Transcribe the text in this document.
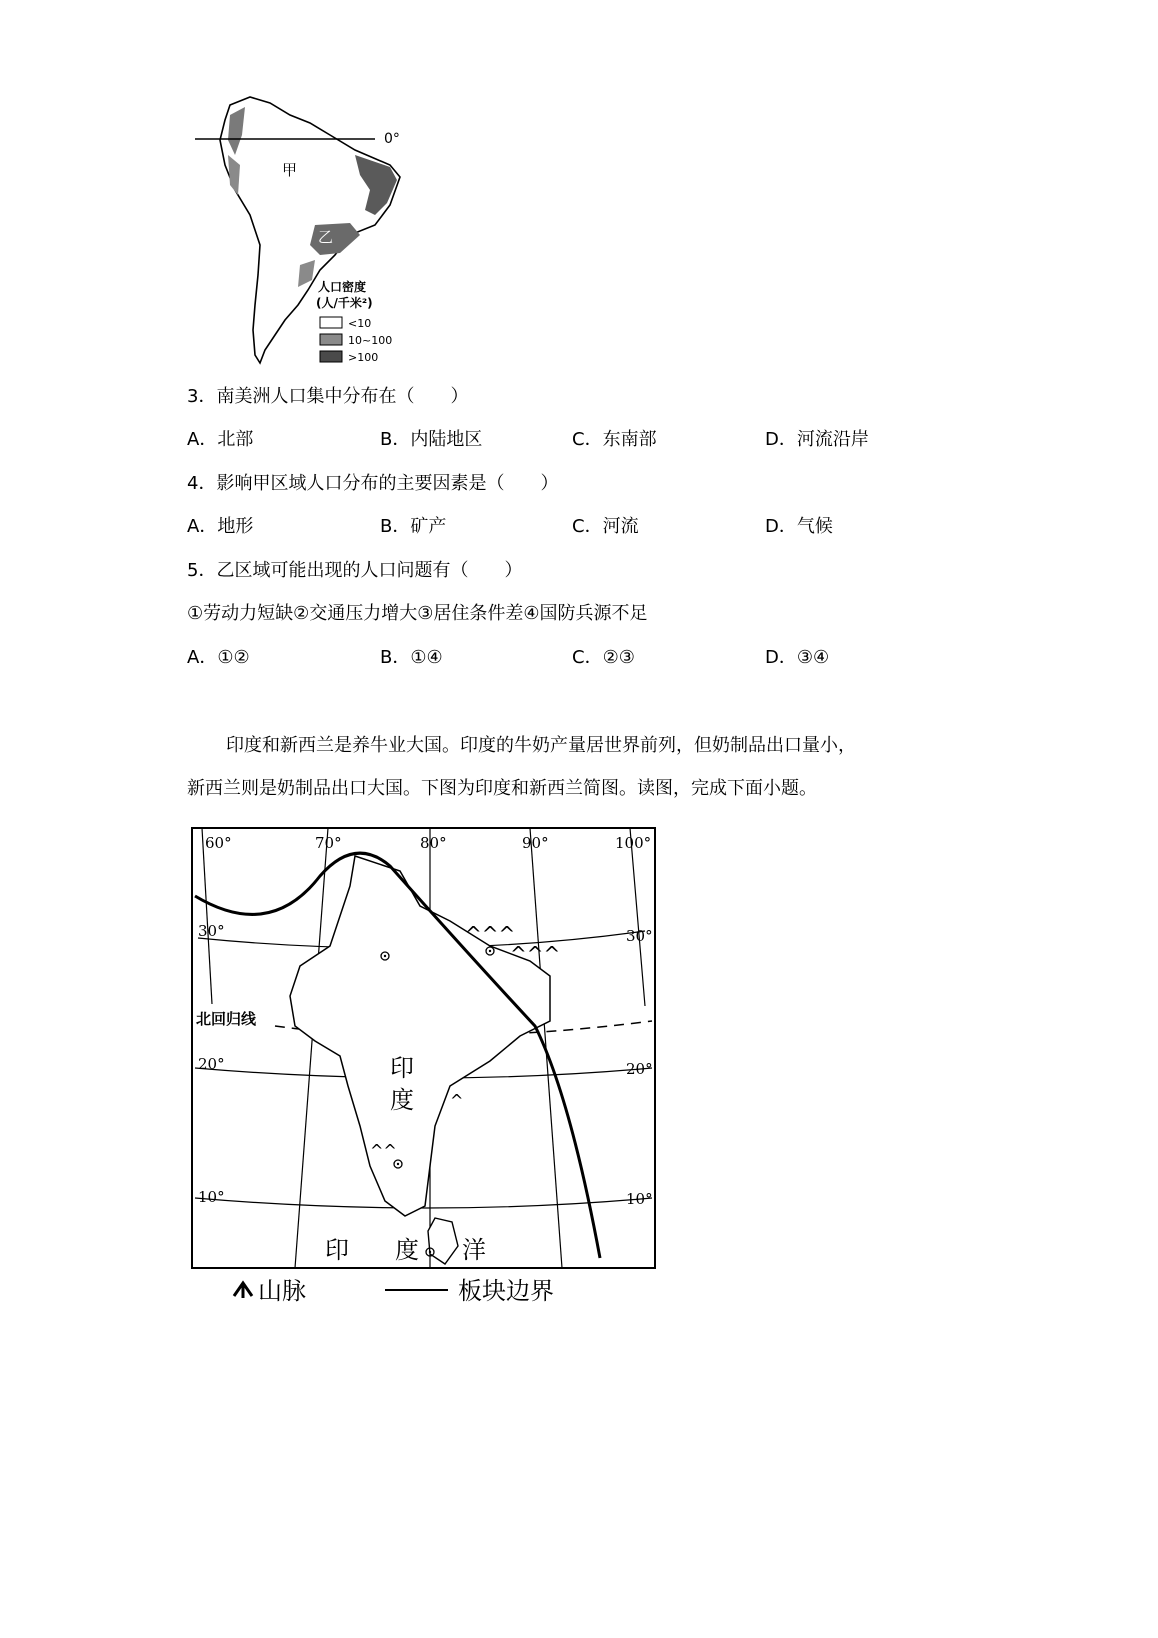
0°
甲
乙
人口密度
(人/千米²)
<10
10~100
>100
3．南美洲人口集中分布在（　　）
A．北部	B．内陆地区	C．东南部	D．河流沿岸
4．影响甲区域人口分布的主要因素是（　　）
A．地形	B．矿产	C．河流	D．气候
5．乙区域可能出现的人口问题有（　　）
①劳动力短缺②交通压力增大③居住条件差④国防兵源不足
A．①②	B．①④	C．②③	D．③④
印度和新西兰是养牛业大国。印度的牛奶产量居世界前列，但奶制品出口量小，
新西兰则是奶制品出口大国。下图为印度和新西兰简图。读图，完成下面小题。
^^^
^^^
^
^^
60°	70°	80°	90°	100°
30°
20°
10°
30°
20°
10°
北回归线
印
度
印 度 洋
山脉	板块边界
